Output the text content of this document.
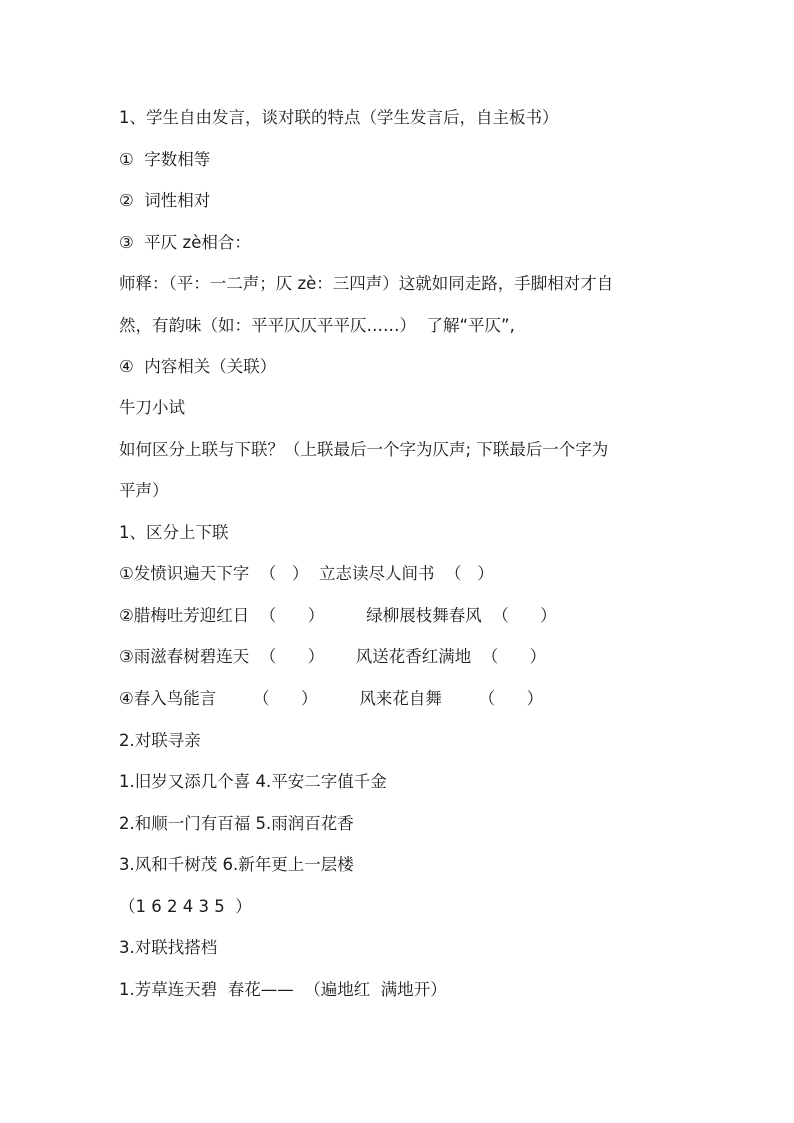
1、学生自由发言，谈对联的特点（学生发言后，自主板书）
①  字数相等
②  词性相对
③  平仄 zè相合：
师释：（平：一二声；仄 zè：三四声）这就如同走路，手脚相对才自
然，有韵味（如：平平仄仄平平仄……）  了解“平仄”,
④  内容相关（关联）
牛刀小试
如何区分上联与下联？（上联最后一个字为仄声; 下联最后一个字为
平声）
1、区分上下联
①发愤识遍天下字  （   ）  立志读尽人间书  （   ）
②腊梅吐芳迎红日  （      ）        绿柳展枝舞春风  （      ）
③雨滋春树碧连天  （      ）      风送花香红满地  （      ）
④春入鸟能言       （      ）        风来花自舞       （      ）
2.对联寻亲
1.旧岁又添几个喜 4.平安二字值千金
2.和顺一门有百福 5.雨润百花香
3.风和千树茂 6.新年更上一层楼
（1 6 2 4 3 5  ）
3.对联找搭档
1.芳草连天碧  春花——  （遍地红  满地开）
